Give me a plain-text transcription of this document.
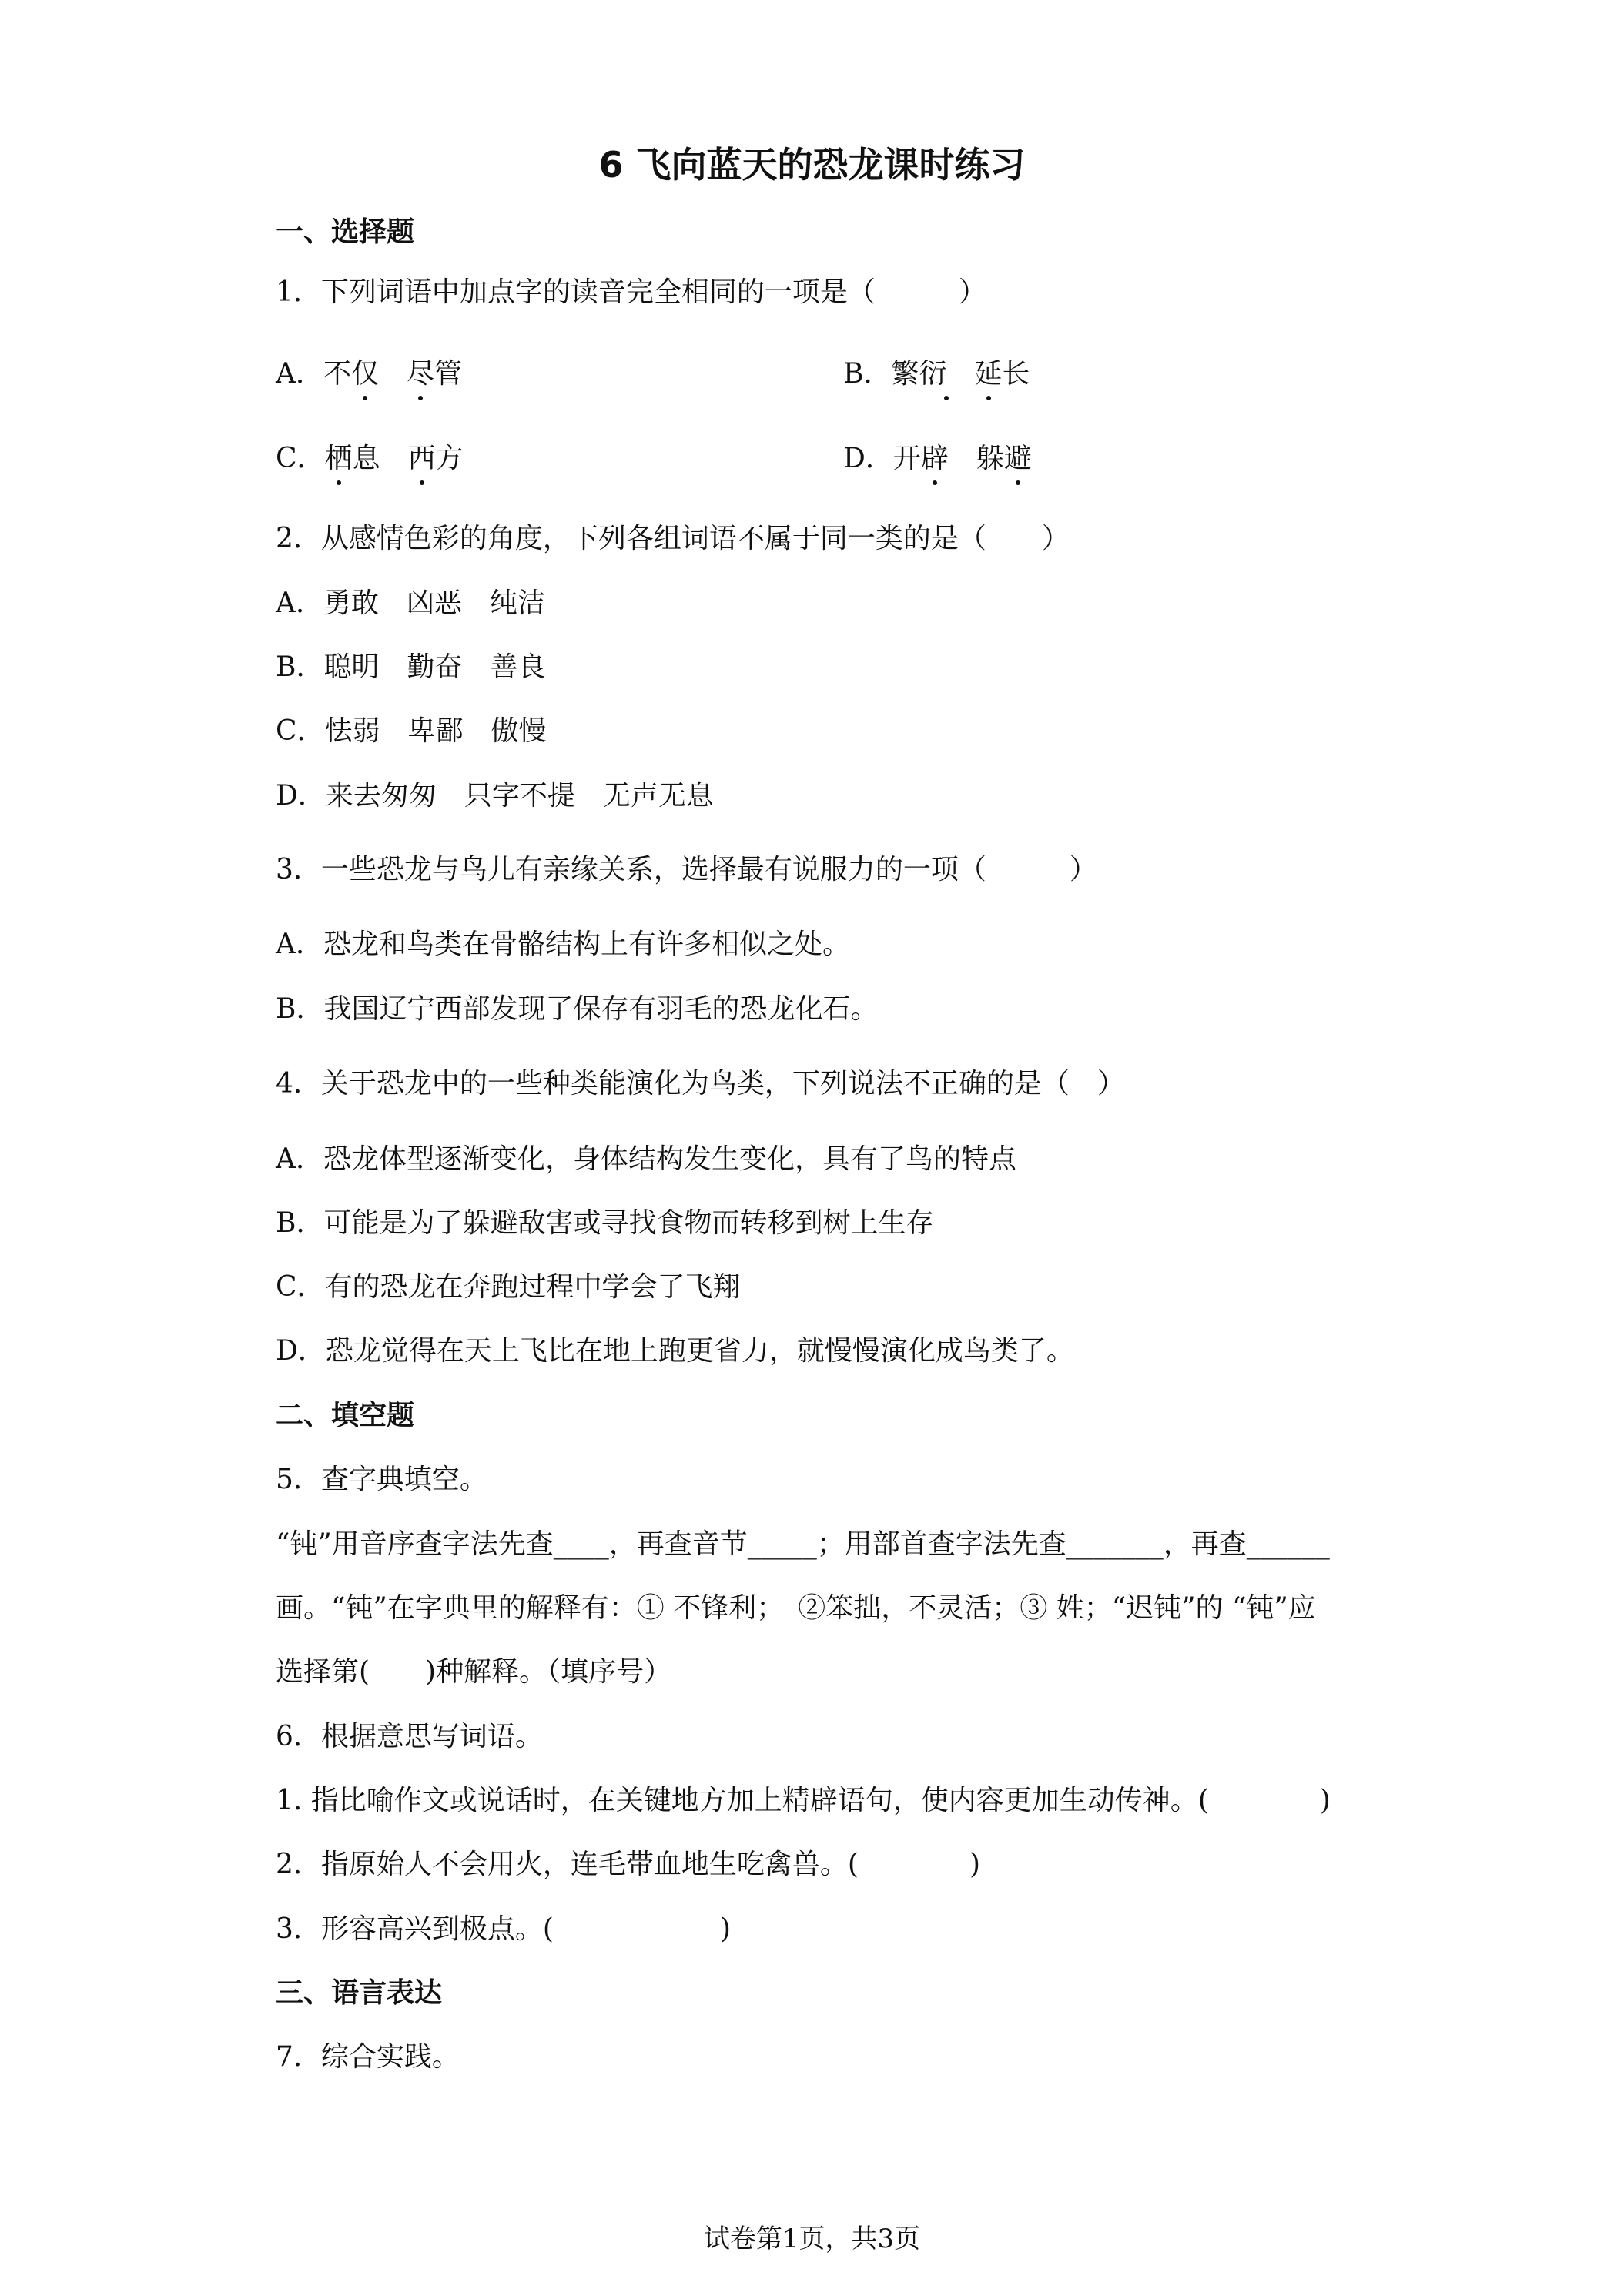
6 飞向蓝天的恐龙课时练习
一、选择题
1．下列词语中加点字的读音完全相同的一项是（　　　）
A．不仅　 尽管	B．繁衍　延长
C．栖息　西方	D．开辟　躲避
2．从感情色彩的角度，下列各组词语不属于同一类的是（　　）
A．勇敢　凶恶　纯洁
B．聪明　勤奋　善良
C．怯弱　卑鄙　傲慢
D．来去匆匆　只字不提　无声无息
3．一些恐龙与鸟儿有亲缘关系，选择最有说服力的一项（　　　）
A．恐龙和鸟类在骨骼结构上有许多相似之处。
B．我国辽宁西部发现了保存有羽毛的恐龙化石。
4．关于恐龙中的一些种类能演化为鸟类，下列说法不正确的是（　）
A．恐龙体型逐渐变化，身体结构发生变化，具有了鸟的特点
B．可能是为了躲避敌害或寻找食物而转移到树上生存
C．有的恐龙在奔跑过程中学会了飞翔
D．恐龙觉得在天上飞比在地上跑更省力，就慢慢演化成鸟类了。
二、填空题
5．查字典填空。
“钝”用音序查字法先查____，再查音节_____；用部首查字法先查_______，再查______
画。“钝”在字典里的解释有：① 不锋利；　②笨拙，不灵活；③ 姓；“迟钝”的 “钝”应
选择第(　　)种解释。（填序号）
6．根据意思写词语。
1. 指比喻作文或说话时，在关键地方加上精辟语句，使内容更加生动传神。(　　　　)
2．指原始人不会用火，连毛带血地生吃禽兽。(　　　　)
3．形容高兴到极点。(　　　　　　)
三、语言表达
7．综合实践。
试卷第1页，共3页
